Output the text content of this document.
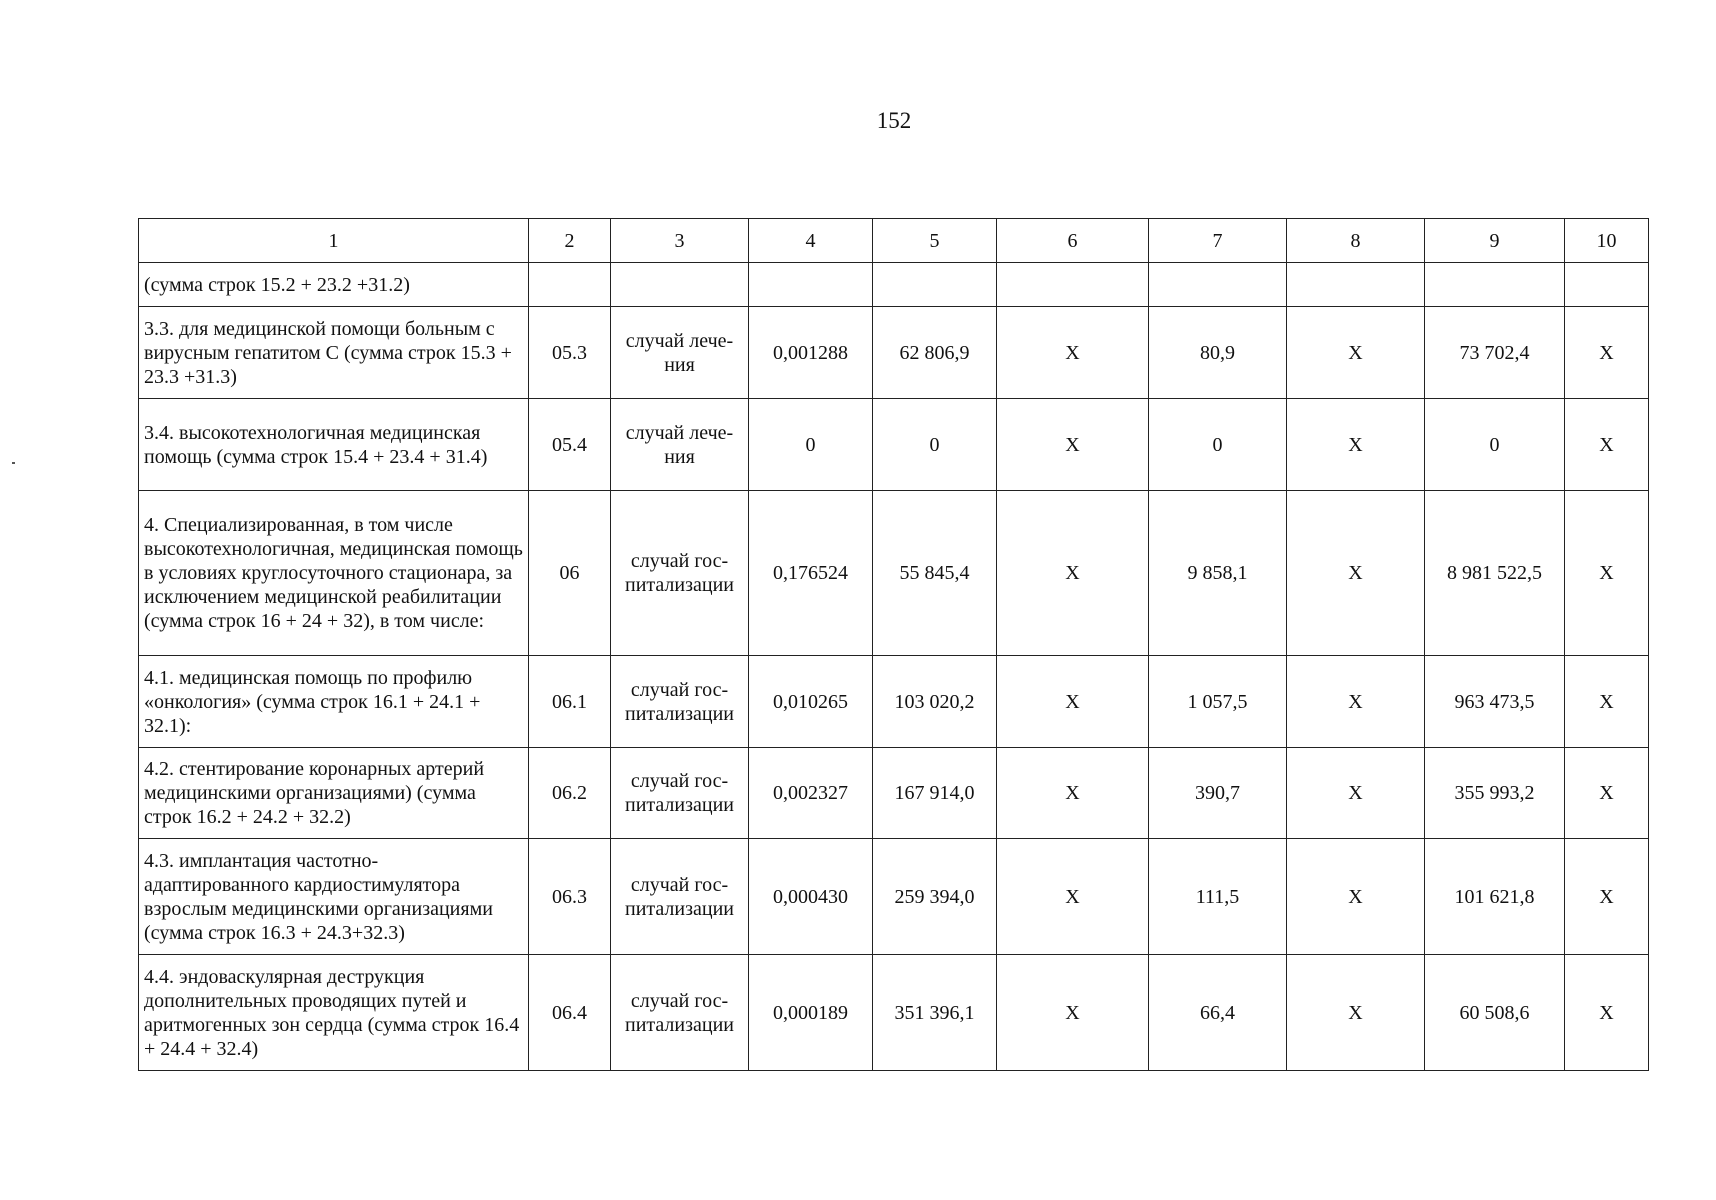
152
1	2	3	4	5	6	7	8	9	10
(сумма строк 15.2 + 23.2 +31.2)									
3.3. для медицинской помощи больным с вирусным гепатитом С (сумма строк 15.3 + 23.3 +31.3)	05.3	случай лече-ния	0,001288	62 806,9	X	80,9	X	73 702,4	X
3.4. высокотехнологичная медицинская помощь (сумма строк 15.4 + 23.4 + 31.4)	05.4	случай лече-ния	0	0	X	0	X	0	X
4. Специализированная, в том числе высокотехнологичная, медицинская помощь в условиях круглосуточного стационара, за исключением медицинской реабилитации (сумма строк 16 + 24 + 32), в том числе:	06	случай гос-питализации	0,176524	55 845,4	X	9 858,1	X	8 981 522,5	X
4.1. медицинская помощь по профилю «онкология» (сумма строк 16.1 + 24.1 + 32.1):	06.1	случай гос-питализации	0,010265	103 020,2	X	1 057,5	X	963 473,5	X
4.2. стентирование коронарных артерий медицинскими организациями) (сумма строк 16.2 + 24.2 + 32.2)	06.2	случай гос-питализации	0,002327	167 914,0	X	390,7	X	355 993,2	X
4.3. имплантация частотно-адаптированного кардиостимулятора взрослым медицинскими организациями (сумма строк 16.3 + 24.3+32.3)	06.3	случай гос-питализации	0,000430	259 394,0	X	111,5	X	101 621,8	X
4.4. эндоваскулярная деструкция дополнительных проводящих путей и аритмогенных зон сердца (сумма строк 16.4 + 24.4 + 32.4)	06.4	случай гос-питализации	0,000189	351 396,1	X	66,4	X	60 508,6	X
